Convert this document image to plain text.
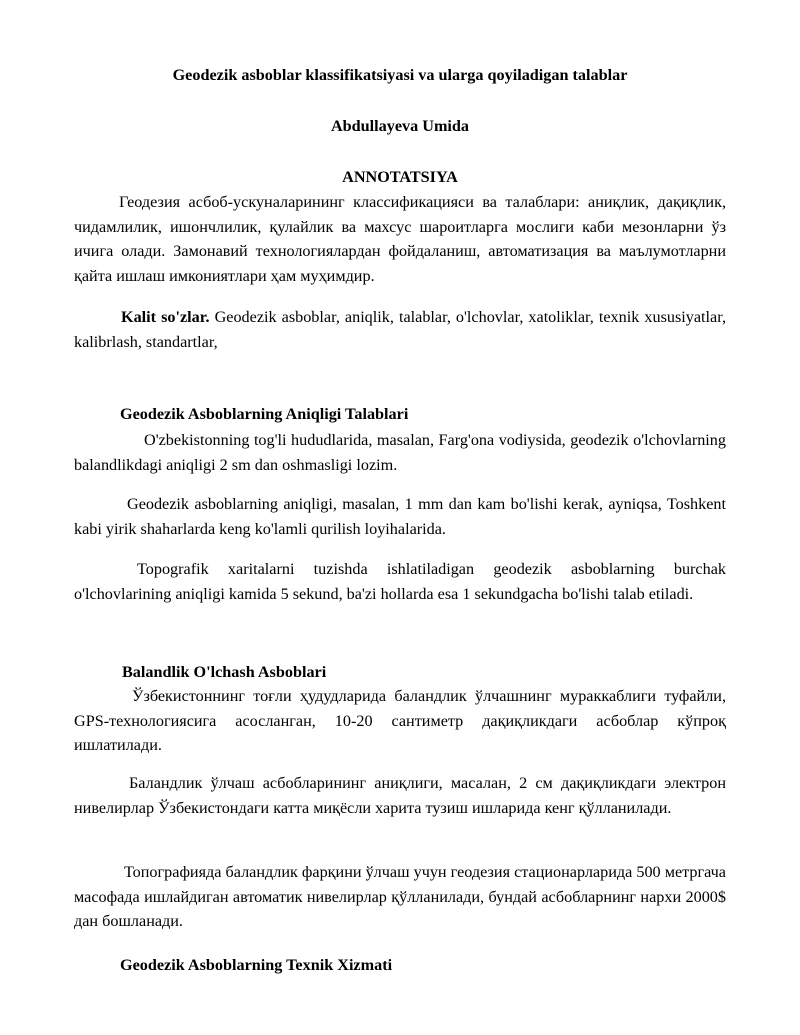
Geodezik asboblar klassifikatsiyasi va ularga qoyiladigan talablar
Abdullayeva Umida
ANNOTATSIYA
Геодезия асбоб-ускуналарининг классификацияси ва талаблари: аниқлик, дақиқлик, чидамлилик, ишончлилик, қулайлик ва махсус шароитларга мослиги каби мезонларни ўз ичига олади. Замонавий технологиялардан фойдаланиш, автоматизация ва маълумотларни қайта ишлаш имкониятлари ҳам муҳимдир.
Kalit so'zlar. Geodezik asboblar, aniqlik, talablar, o'lchovlar, xatoliklar, texnik xususiyatlar, kalibrlash, standartlar,
Geodezik Asboblarning Aniqligi Talablari
O'zbekistonning tog'li hududlarida, masalan, Farg'ona vodiysida, geodezik o'lchovlarning balandlikdagi aniqligi 2 sm dan oshmasligi lozim.
Geodezik asboblarning aniqligi, masalan, 1 mm dan kam bo'lishi kerak, ayniqsa, Toshkent kabi yirik shaharlarda keng ko'lamli qurilish loyihalarida.
Topografik xaritalarni tuzishda ishlatiladigan geodezik asboblarning burchak o'lchovlarining aniqligi kamida 5 sekund, ba'zi hollarda esa 1 sekundgacha bo'lishi talab etiladi.
Balandlik O'lchash Asboblari
Ўзбекистоннинг тоғли ҳудудларида баландлик ўлчашнинг мураккаблиги туфайли, GPS-технологиясига асосланган, 10-20 сантиметр дақиқликдаги асбоблар кўпроқ ишлатилади.
Баландлик ўлчаш асбобларининг аниқлиги, масалан, 2 см дақиқликдаги электрон нивелирлар Ўзбекистондаги катта миқёсли харита тузиш ишларида кенг қўлланилади.
Топографияда баландлик фарқини ўлчаш учун геодезия стационарларида 500 метргача масофада ишлайдиган автоматик нивелирлар қўлланилади, бундай асбобларнинг нархи 2000$ дан бошланади.
Geodezik Asboblarning Texnik Xizmati
